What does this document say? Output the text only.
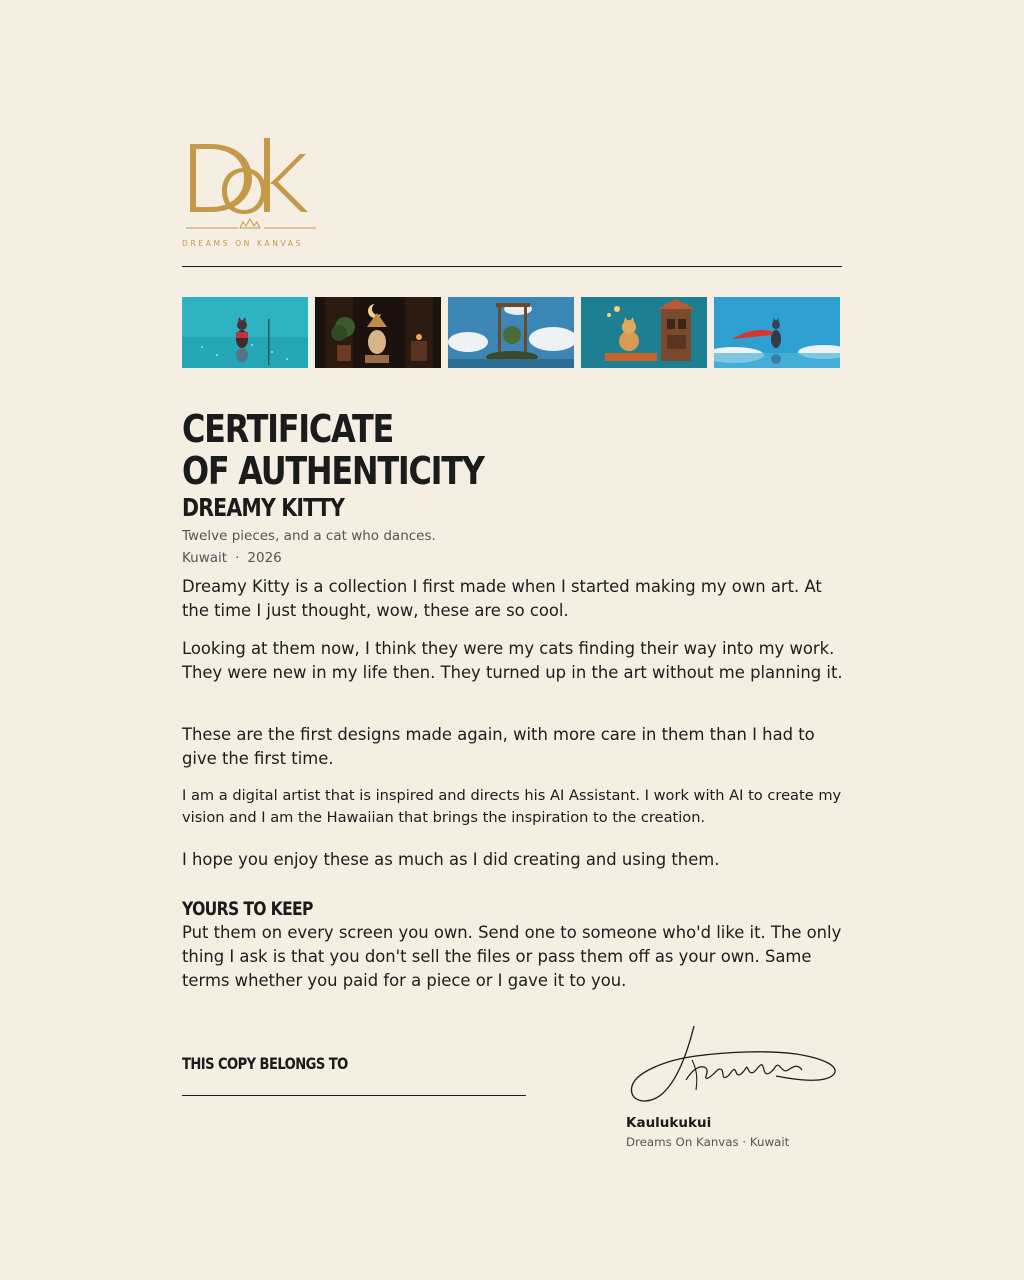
DREAMS ON KANVAS
CERTIFICATE
OF AUTHENTICITY
DREAMY KITTY
Twelve pieces, and a cat who dances.
Kuwait · 2026

Dreamy Kitty is a collection I first made when I started making my own art. At the time I just thought, wow, these are so cool.

Looking at them now, I think they were my cats finding their way into my work. They were new in my life then. They turned up in the art without me planning it.

These are the first designs made again, with more care in them than I had to give the first time.

I am a digital artist that is inspired and directs his AI Assistant. I work with AI to create my vision and I am the Hawaiian that brings the inspiration to the creation.

I hope you enjoy these as much as I did creating and using them.

YOURS TO KEEP

Put them on every screen you own. Send one to someone who'd like it. The only thing I ask is that you don't sell the files or pass them off as your own. Same terms whether you paid for a piece or I gave it to you.

THIS COPY BELONGS TO
Kaulukukui
Dreams On Kanvas · Kuwait
